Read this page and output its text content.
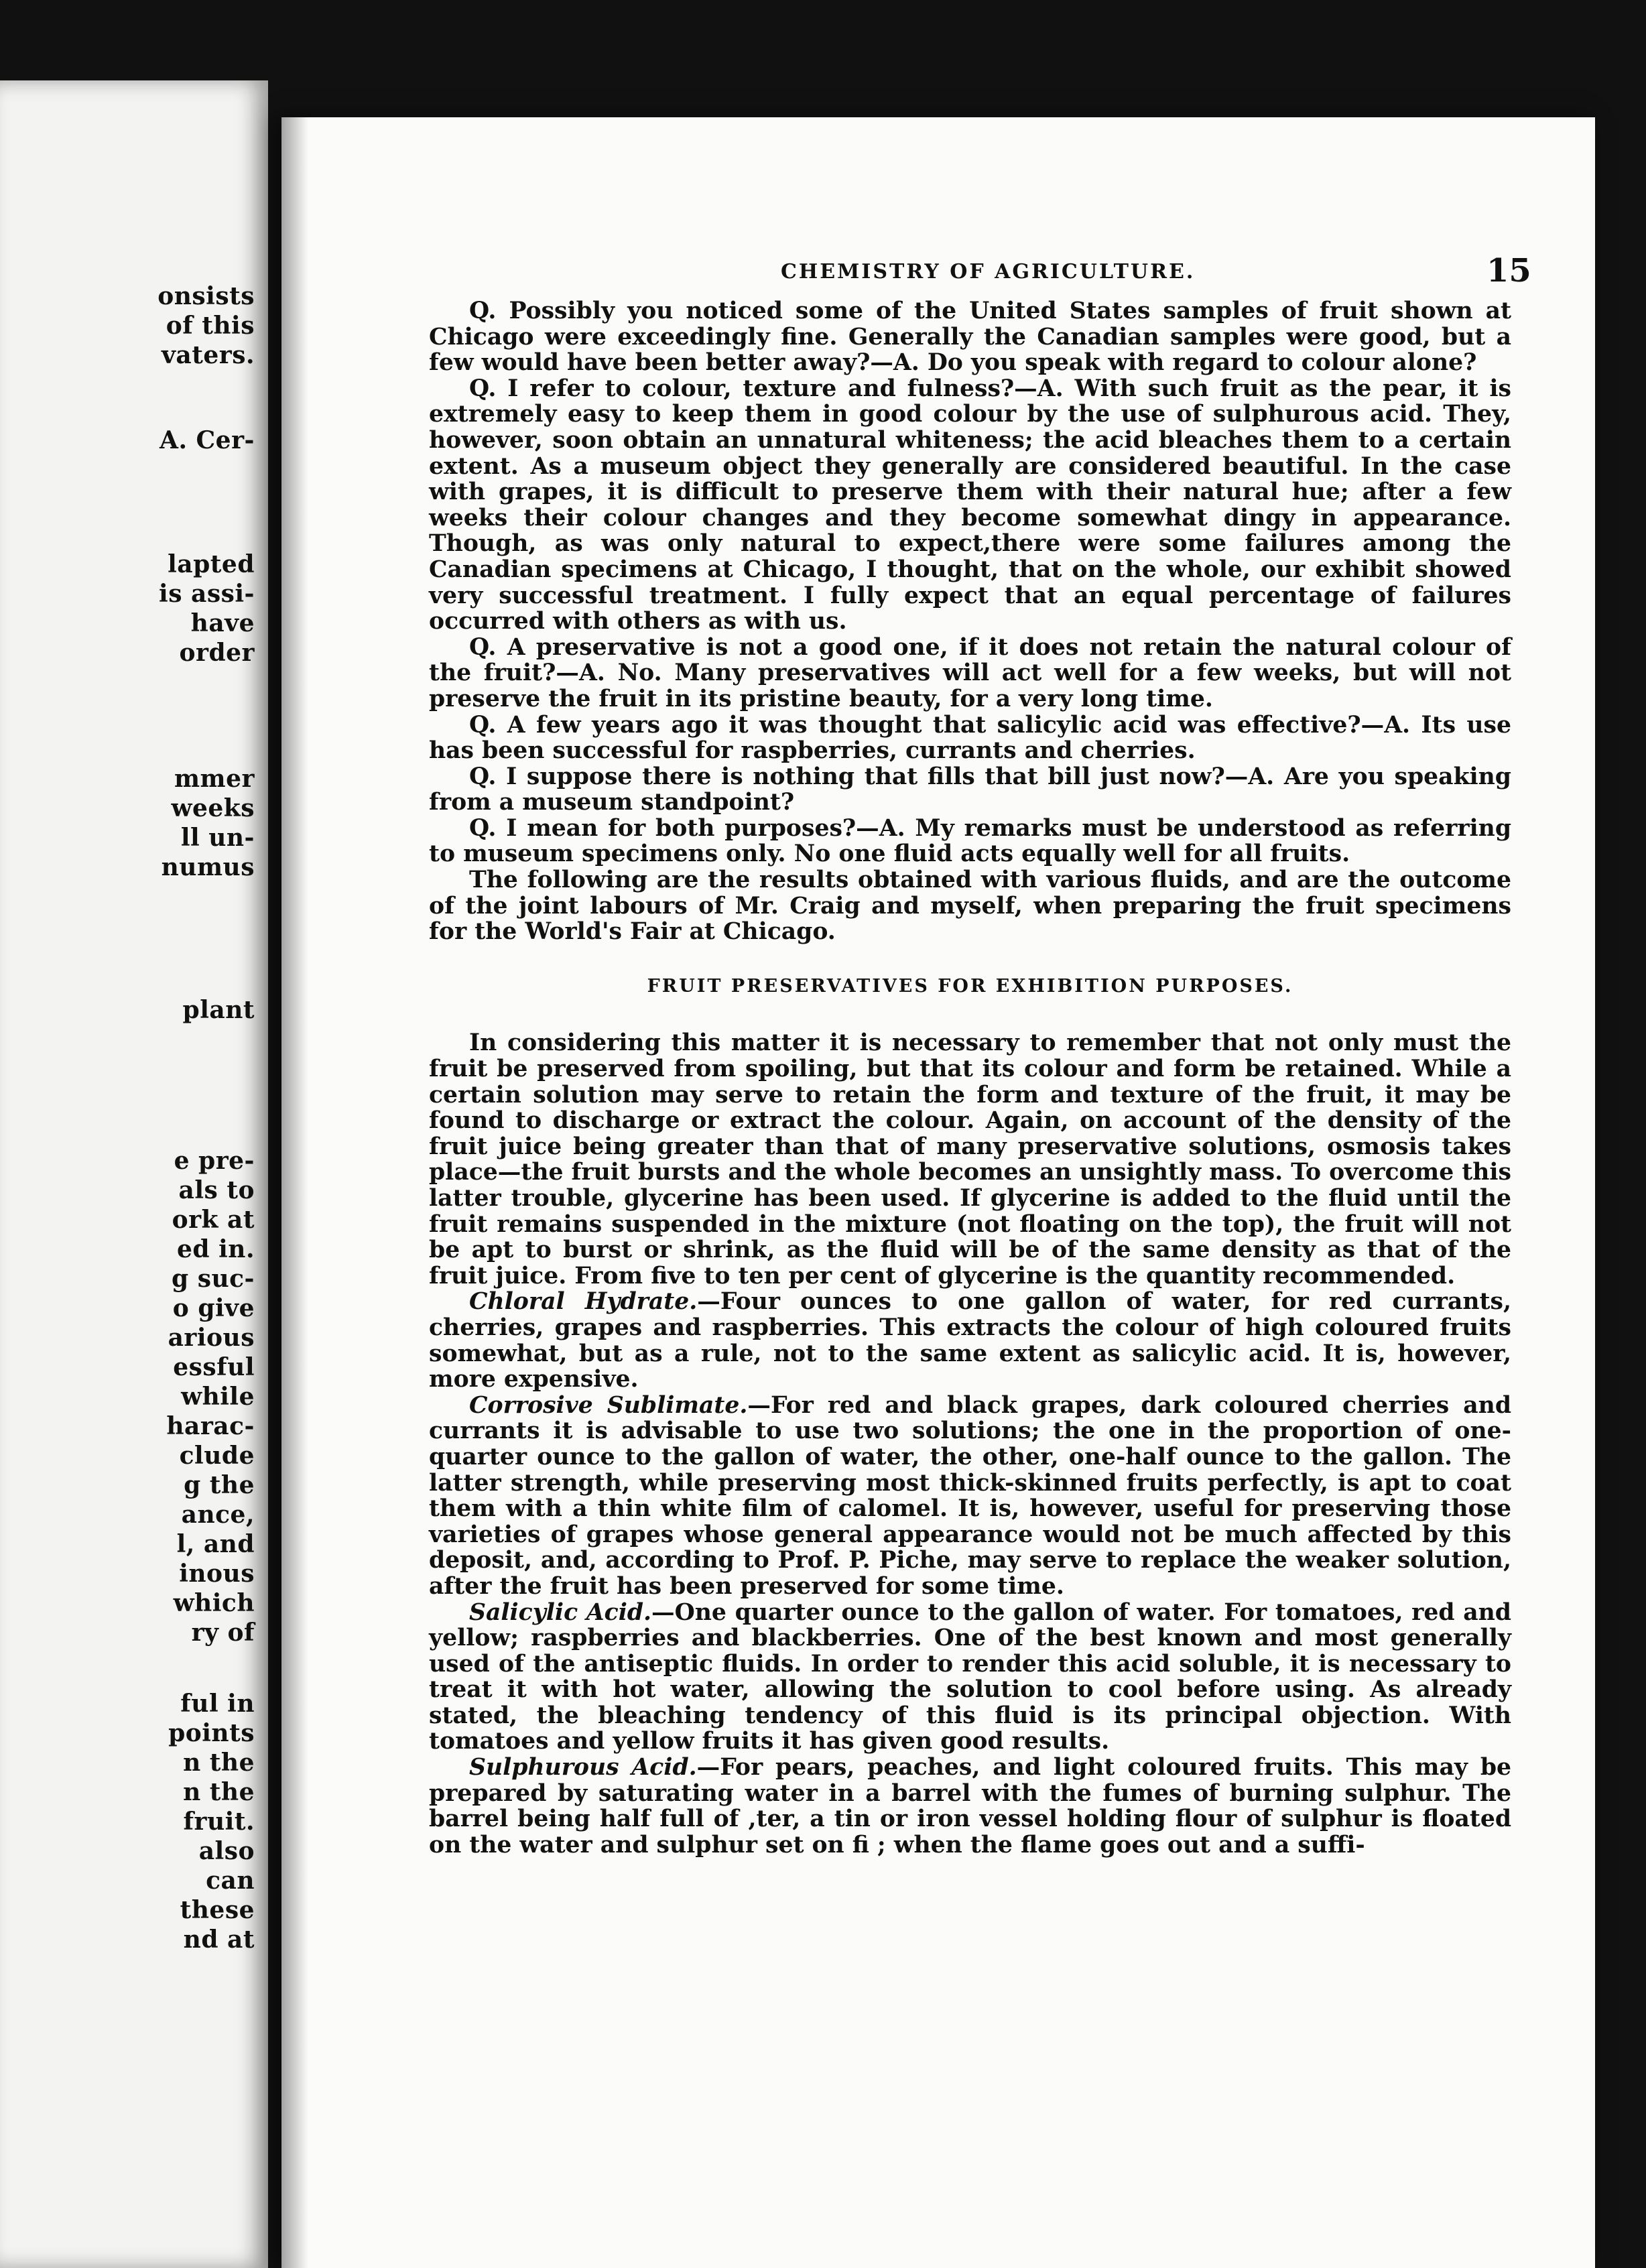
onsists
of this
vaters.
A. Cer-
lapted
is assi-
have
order
mmer
weeks
ll un-
numus
plant
e pre-
als to
ork at
ed in.
g suc-
o give
arious
essful
while
harac-
clude
g the
ance,
l, and
inous
which
ry of
ful in
points
n the
n the
fruit.
also
can
these
nd at
CHEMISTRY OF AGRICULTURE.	15

Q. Possibly you noticed some of the United States samples of fruit shown at Chicago were exceedingly fine. Generally the Canadian samples were good, but a few would have been better away?—A. Do you speak with regard to colour alone?

Q. I refer to colour, texture and fulness?—A. With such fruit as the pear, it is extremely easy to keep them in good colour by the use of sulphurous acid. They, however, soon obtain an unnatural whiteness; the acid bleaches them to a certain extent. As a museum object they generally are considered beautiful. In the case with grapes, it is difficult to preserve them with their natural hue; after a few weeks their colour changes and they become somewhat dingy in appearance. Though, as was only natural to expect,there were some failures among the Canadian specimens at Chicago, I thought, that on the whole, our exhibit showed very successful treatment. I fully expect that an equal percentage of failures occurred with others as with us.

Q. A preservative is not a good one, if it does not retain the natural colour of the fruit?—A. No. Many preservatives will act well for a few weeks, but will not preserve the fruit in its pristine beauty, for a very long time.

Q. A few years ago it was thought that salicylic acid was effective?—A. Its use has been successful for raspberries, currants and cherries.

Q. I suppose there is nothing that fills that bill just now?—A. Are you speaking from a museum standpoint?

Q. I mean for both purposes?—A. My remarks must be understood as referring to museum specimens only. No one fluid acts equally well for all fruits.

The following are the results obtained with various fluids, and are the outcome of the joint labours of Mr. Craig and myself, when preparing the fruit specimens for the World's Fair at Chicago.

FRUIT PRESERVATIVES FOR EXHIBITION PURPOSES.

In considering this matter it is necessary to remember that not only must the fruit be preserved from spoiling, but that its colour and form be retained. While a certain solution may serve to retain the form and texture of the fruit, it may be found to discharge or extract the colour. Again, on account of the density of the fruit juice being greater than that of many preservative solutions, osmosis takes place—the fruit bursts and the whole becomes an unsightly mass. To overcome this latter trouble, glycerine has been used. If glycerine is added to the fluid until the fruit remains suspended in the mixture (not floating on the top), the fruit will not be apt to burst or shrink, as the fluid will be of the same density as that of the fruit juice. From five to ten per cent of glycerine is the quantity recommended.

Chloral Hydrate.—Four ounces to one gallon of water, for red currants, cherries, grapes and raspberries. This extracts the colour of high coloured fruits somewhat, but as a rule, not to the same extent as salicylic acid. It is, however, more expensive.

Corrosive Sublimate.—For red and black grapes, dark coloured cherries and currants it is advisable to use two solutions; the one in the proportion of one-quarter ounce to the gallon of water, the other, one-half ounce to the gallon. The latter strength, while preserving most thick-skinned fruits perfectly, is apt to coat them with a thin white film of calomel. It is, however, useful for preserving those varieties of grapes whose general appearance would not be much affected by this deposit, and, according to Prof. P. Piche, may serve to replace the weaker solution, after the fruit has been preserved for some time.

Salicylic Acid.—One quarter ounce to the gallon of water. For tomatoes, red and yellow; raspberries and blackberries. One of the best known and most generally used of the antiseptic fluids. In order to render this acid soluble, it is necessary to treat it with hot water, allowing the solution to cool before using. As already stated, the bleaching tendency of this fluid is its principal objection. With tomatoes and yellow fruits it has given good results.

Sulphurous Acid.—For pears, peaches, and light coloured fruits. This may be prepared by saturating water in a barrel with the fumes of burning sulphur. The barrel being half full of ,ter, a tin or iron vessel holding flour of sulphur is floated on the water and sulphur set on fi ; when the flame goes out and a suffi-
